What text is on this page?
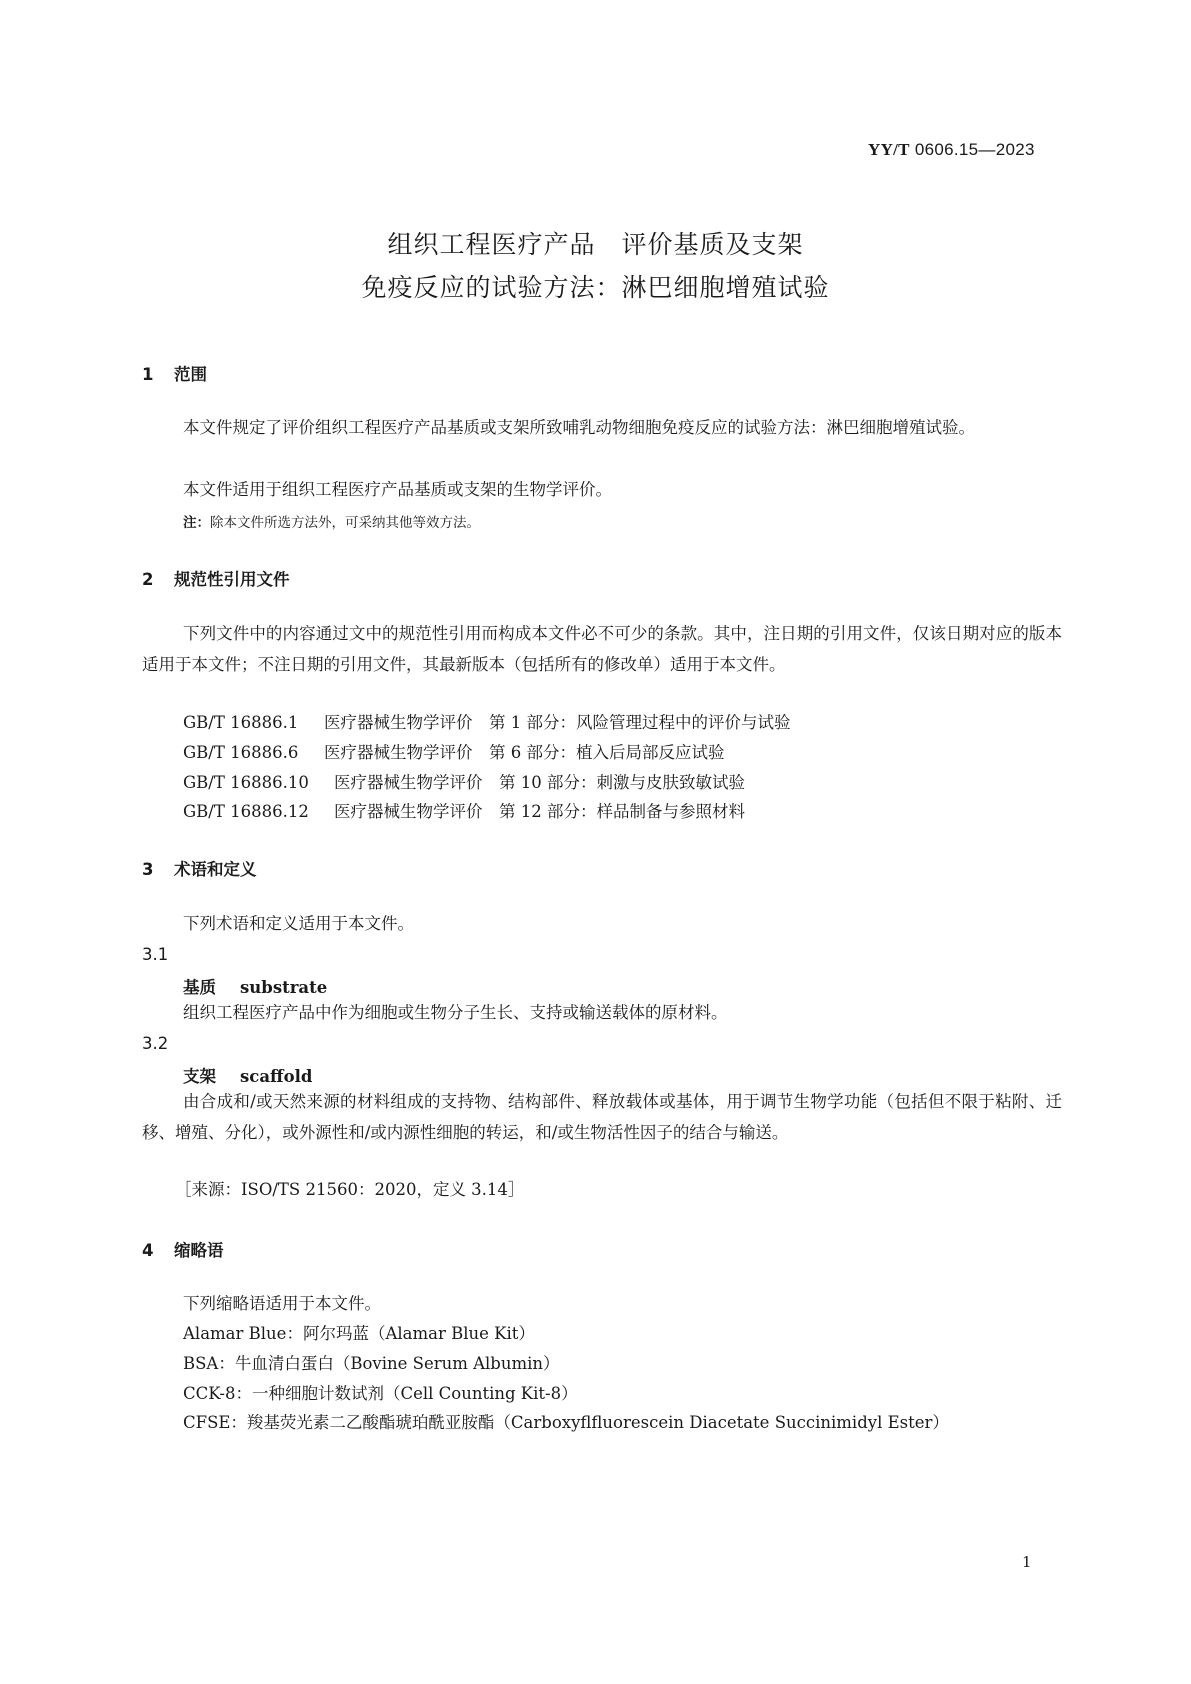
YY/T 0606.15—2023
组织工程医疗产品　评价基质及支架
免疫反应的试验方法：淋巴细胞增殖试验
1 范围
本文件规定了评价组织工程医疗产品基质或支架所致哺乳动物细胞免疫反应的试验方法：淋巴细胞增殖试验。
本文件适用于组织工程医疗产品基质或支架的生物学评价。
注：除本文件所选方法外，可采纳其他等效方法。
2 规范性引用文件
下列文件中的内容通过文中的规范性引用而构成本文件必不可少的条款。其中，注日期的引用文件，仅该日期对应的版本适用于本文件；不注日期的引用文件，其最新版本（包括所有的修改单）适用于本文件。
GB/T 16886.1 医疗器械生物学评价　第 1 部分：风险管理过程中的评价与试验
GB/T 16886.6 医疗器械生物学评价　第 6 部分：植入后局部反应试验
GB/T 16886.10 医疗器械生物学评价　第 10 部分：刺激与皮肤致敏试验
GB/T 16886.12 医疗器械生物学评价　第 12 部分：样品制备与参照材料
3 术语和定义
下列术语和定义适用于本文件。
3.1
基质 substrate
组织工程医疗产品中作为细胞或生物分子生长、支持或输送载体的原材料。
3.2
支架 scaffold
由合成和/或天然来源的材料组成的支持物、结构部件、释放载体或基体，用于调节生物学功能（包括但不限于粘附、迁移、增殖、分化），或外源性和/或内源性细胞的转运，和/或生物活性因子的结合与输送。
［来源：ISO/TS 21560：2020，定义 3.14］
4 缩略语
下列缩略语适用于本文件。
Alamar Blue：阿尔玛蓝（Alamar Blue Kit）
BSA：牛血清白蛋白（Bovine Serum Albumin）
CCK-8：一种细胞计数试剂（Cell Counting Kit-8）
CFSE：羧基荧光素二乙酸酯琥珀酰亚胺酯（Carboxyflfluorescein Diacetate Succinimidyl Ester）
1
